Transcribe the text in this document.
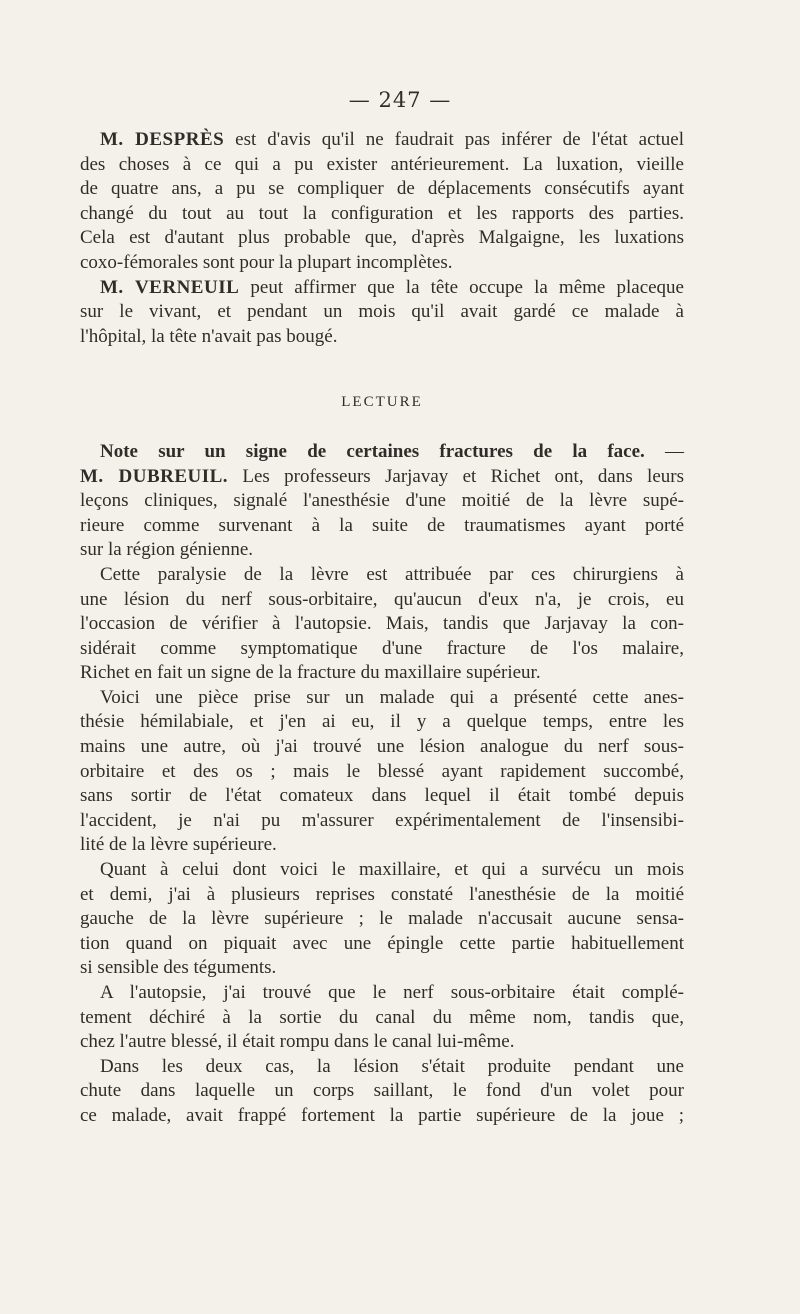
— 247 —
M. DESPRÈS est d'avis qu'il ne faudrait pas inférer de l'état actuel
des choses à ce qui a pu exister antérieurement. La luxation, vieille
de quatre ans, a pu se compliquer de déplacements consécutifs ayant
changé du tout au tout la configuration et les rapports des parties.
Cela est d'autant plus probable que, d'après Malgaigne, les luxations
coxo-fémorales sont pour la plupart incomplètes.
M. VERNEUIL peut affirmer que la tête occupe la même placeque
sur le vivant, et pendant un mois qu'il avait gardé ce malade à
l'hôpital, la tête n'avait pas bougé.
LECTURE
Note sur un signe de certaines fractures de la face. —
M. DUBREUIL. Les professeurs Jarjavay et Richet ont, dans leurs
leçons cliniques, signalé l'anesthésie d'une moitié de la lèvre supé-
rieure comme survenant à la suite de traumatismes ayant porté
sur la région génienne.
Cette paralysie de la lèvre est attribuée par ces chirurgiens à
une lésion du nerf sous-orbitaire, qu'aucun d'eux n'a, je crois, eu
l'occasion de vérifier à l'autopsie. Mais, tandis que Jarjavay la con-
sidérait comme symptomatique d'une fracture de l'os malaire,
Richet en fait un signe de la fracture du maxillaire supérieur.
Voici une pièce prise sur un malade qui a présenté cette anes-
thésie hémilabiale, et j'en ai eu, il y a quelque temps, entre les
mains une autre, où j'ai trouvé une lésion analogue du nerf sous-
orbitaire et des os ; mais le blessé ayant rapidement succombé,
sans sortir de l'état comateux dans lequel il était tombé depuis
l'accident, je n'ai pu m'assurer expérimentalement de l'insensibi-
lité de la lèvre supérieure.
Quant à celui dont voici le maxillaire, et qui a survécu un mois
et demi, j'ai à plusieurs reprises constaté l'anesthésie de la moitié
gauche de la lèvre supérieure ; le malade n'accusait aucune sensa-
tion quand on piquait avec une épingle cette partie habituellement
si sensible des téguments.
A l'autopsie, j'ai trouvé que le nerf sous-orbitaire était complé-
tement déchiré à la sortie du canal du même nom, tandis que,
chez l'autre blessé, il était rompu dans le canal lui-même.
Dans les deux cas, la lésion s'était produite pendant une
chute dans laquelle un corps saillant, le fond d'un volet pour
ce malade, avait frappé fortement la partie supérieure de la joue ;
